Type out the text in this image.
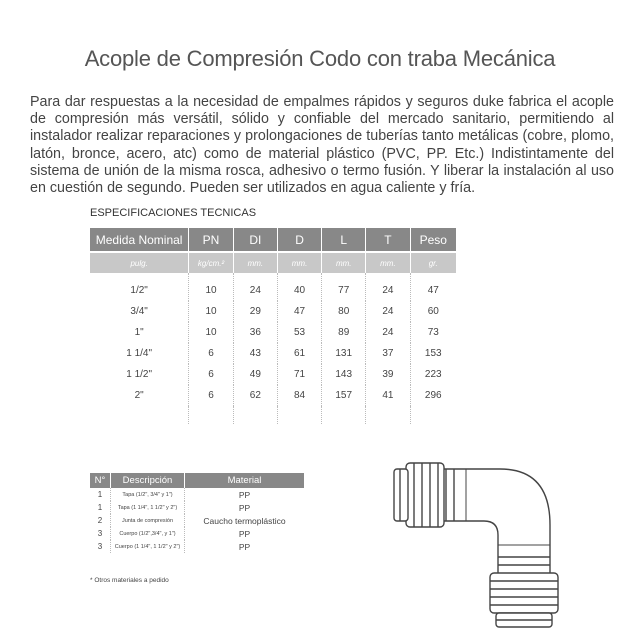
Acople de Compresión Codo con traba Mecánica
Para dar respuestas a la necesidad de empalmes rápidos y seguros duke fabrica el acople de compresión más versátil, sólido y confiable del mercado sanitario, permitiendo al instalador realizar reparaciones y prolongaciones de tuberías tanto metálicas (cobre, plomo, latón, bronce, acero, atc) como de material plástico (PVC, PP. Etc.) Indistintamente del sistema de unión de la misma rosca, adhesivo o termo fusión. Y liberar la instalación al uso en cuestión de segundo. Pueden ser utilizados en agua caliente y fría.
ESPECIFICACIONES TECNICAS
Medida Nominal	PN	DI	D	L	T	Peso
pulg.	kg/cm.²	mm.	mm.	mm.	mm.	gr.
1/2"	10	24	40	77	24	47
3/4"	10	29	47	80	24	60
1"	10	36	53	89	24	73
1 1/4"	6	43	61	131	37	153
1 1/2"	6	49	71	143	39	223
2"	6	62	84	157	41	296

N°	Descripción	Material
1	Tapa (1/2", 3/4" y 1")	PP
1	Tapa (1 1/4", 1 1/2" y 2")	PP
2	Junta de compresión	Caucho termoplástico
3	Cuerpo (1/2",3/4", y 1")	PP
3	Cuerpo (1 1/4", 1 1/2" y 2")	PP
* Otros materiales a pedido
